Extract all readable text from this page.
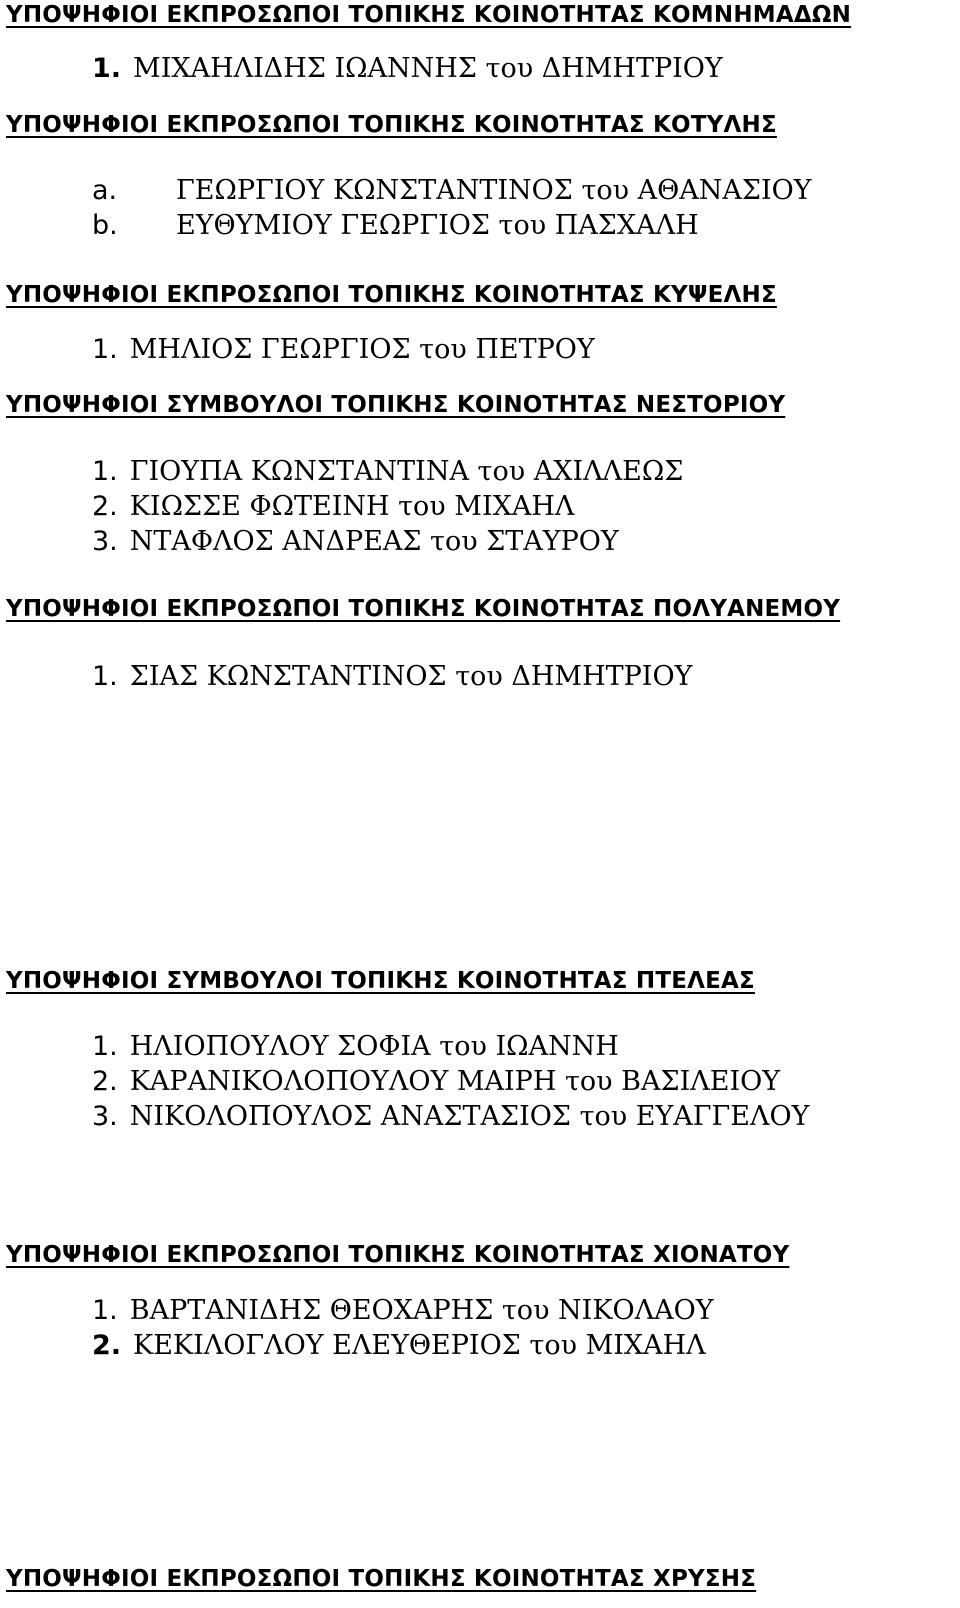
ΥΠΟΨΗΦΙΟΙ ΕΚΠΡΟΣΩΠΟΙ ΤΟΠΙΚΗΣ ΚΟΙΝΟΤΗΤΑΣ ΚΟΜΝΗΜΑΔΩΝ

1. ΜΙΧΑΗΛΙΔΗΣ ΙΩΑΝΝΗΣ του ΔΗΜΗΤΡΙΟΥ

ΥΠΟΨΗΦΙΟΙ ΕΚΠΡΟΣΩΠΟΙ ΤΟΠΙΚΗΣ ΚΟΙΝΟΤΗΤΑΣ ΚΟΤΥΛΗΣ

a. ΓΕΩΡΓΙΟΥ ΚΩΝΣΤΑΝΤΙΝΟΣ του ΑΘΑΝΑΣΙΟΥ

b. ΕΥΘΥΜΙΟΥ ΓΕΩΡΓΙΟΣ του ΠΑΣΧΑΛΗ

ΥΠΟΨΗΦΙΟΙ ΕΚΠΡΟΣΩΠΟΙ ΤΟΠΙΚΗΣ ΚΟΙΝΟΤΗΤΑΣ ΚΥΨΕΛΗΣ

1. ΜΗΛΙΟΣ ΓΕΩΡΓΙΟΣ του ΠΕΤΡΟΥ

ΥΠΟΨΗΦΙΟΙ ΣΥΜΒΟΥΛΟΙ ΤΟΠΙΚΗΣ ΚΟΙΝΟΤΗΤΑΣ ΝΕΣΤΟΡΙΟΥ

1. ΓΙΟΥΠΑ ΚΩΝΣΤΑΝΤΙΝΑ του ΑΧΙΛΛΕΩΣ

2. ΚΙΩΣΣΕ ΦΩΤΕΙΝΗ του ΜΙΧΑΗΛ

3. ΝΤΑΦΛΟΣ ΑΝΔΡΕΑΣ του ΣΤΑΥΡΟΥ

ΥΠΟΨΗΦΙΟΙ ΕΚΠΡΟΣΩΠΟΙ ΤΟΠΙΚΗΣ ΚΟΙΝΟΤΗΤΑΣ ΠΟΛΥΑΝΕΜΟΥ

1. ΣΙΑΣ ΚΩΝΣΤΑΝΤΙΝΟΣ του ΔΗΜΗΤΡΙΟΥ

ΥΠΟΨΗΦΙΟΙ ΣΥΜΒΟΥΛΟΙ ΤΟΠΙΚΗΣ ΚΟΙΝΟΤΗΤΑΣ ΠΤΕΛΕΑΣ

1. ΗΛΙΟΠΟΥΛΟΥ ΣΟΦΙΑ του ΙΩΑΝΝΗ

2. ΚΑΡΑΝΙΚΟΛΟΠΟΥΛΟΥ ΜΑΙΡΗ του ΒΑΣΙΛΕΙΟΥ

3. ΝΙΚΟΛΟΠΟΥΛΟΣ ΑΝΑΣΤΑΣΙΟΣ του ΕΥΑΓΓΕΛΟΥ

ΥΠΟΨΗΦΙΟΙ ΕΚΠΡΟΣΩΠΟΙ ΤΟΠΙΚΗΣ ΚΟΙΝΟΤΗΤΑΣ ΧΙΟΝΑΤΟΥ

1. ΒΑΡΤΑΝΙΔΗΣ ΘΕΟΧΑΡΗΣ του ΝΙΚΟΛΑΟΥ

2. ΚΕΚΙΛΟΓΛΟΥ ΕΛΕΥΘΕΡΙΟΣ του ΜΙΧΑΗΛ

ΥΠΟΨΗΦΙΟΙ ΕΚΠΡΟΣΩΠΟΙ ΤΟΠΙΚΗΣ ΚΟΙΝΟΤΗΤΑΣ ΧΡΥΣΗΣ
